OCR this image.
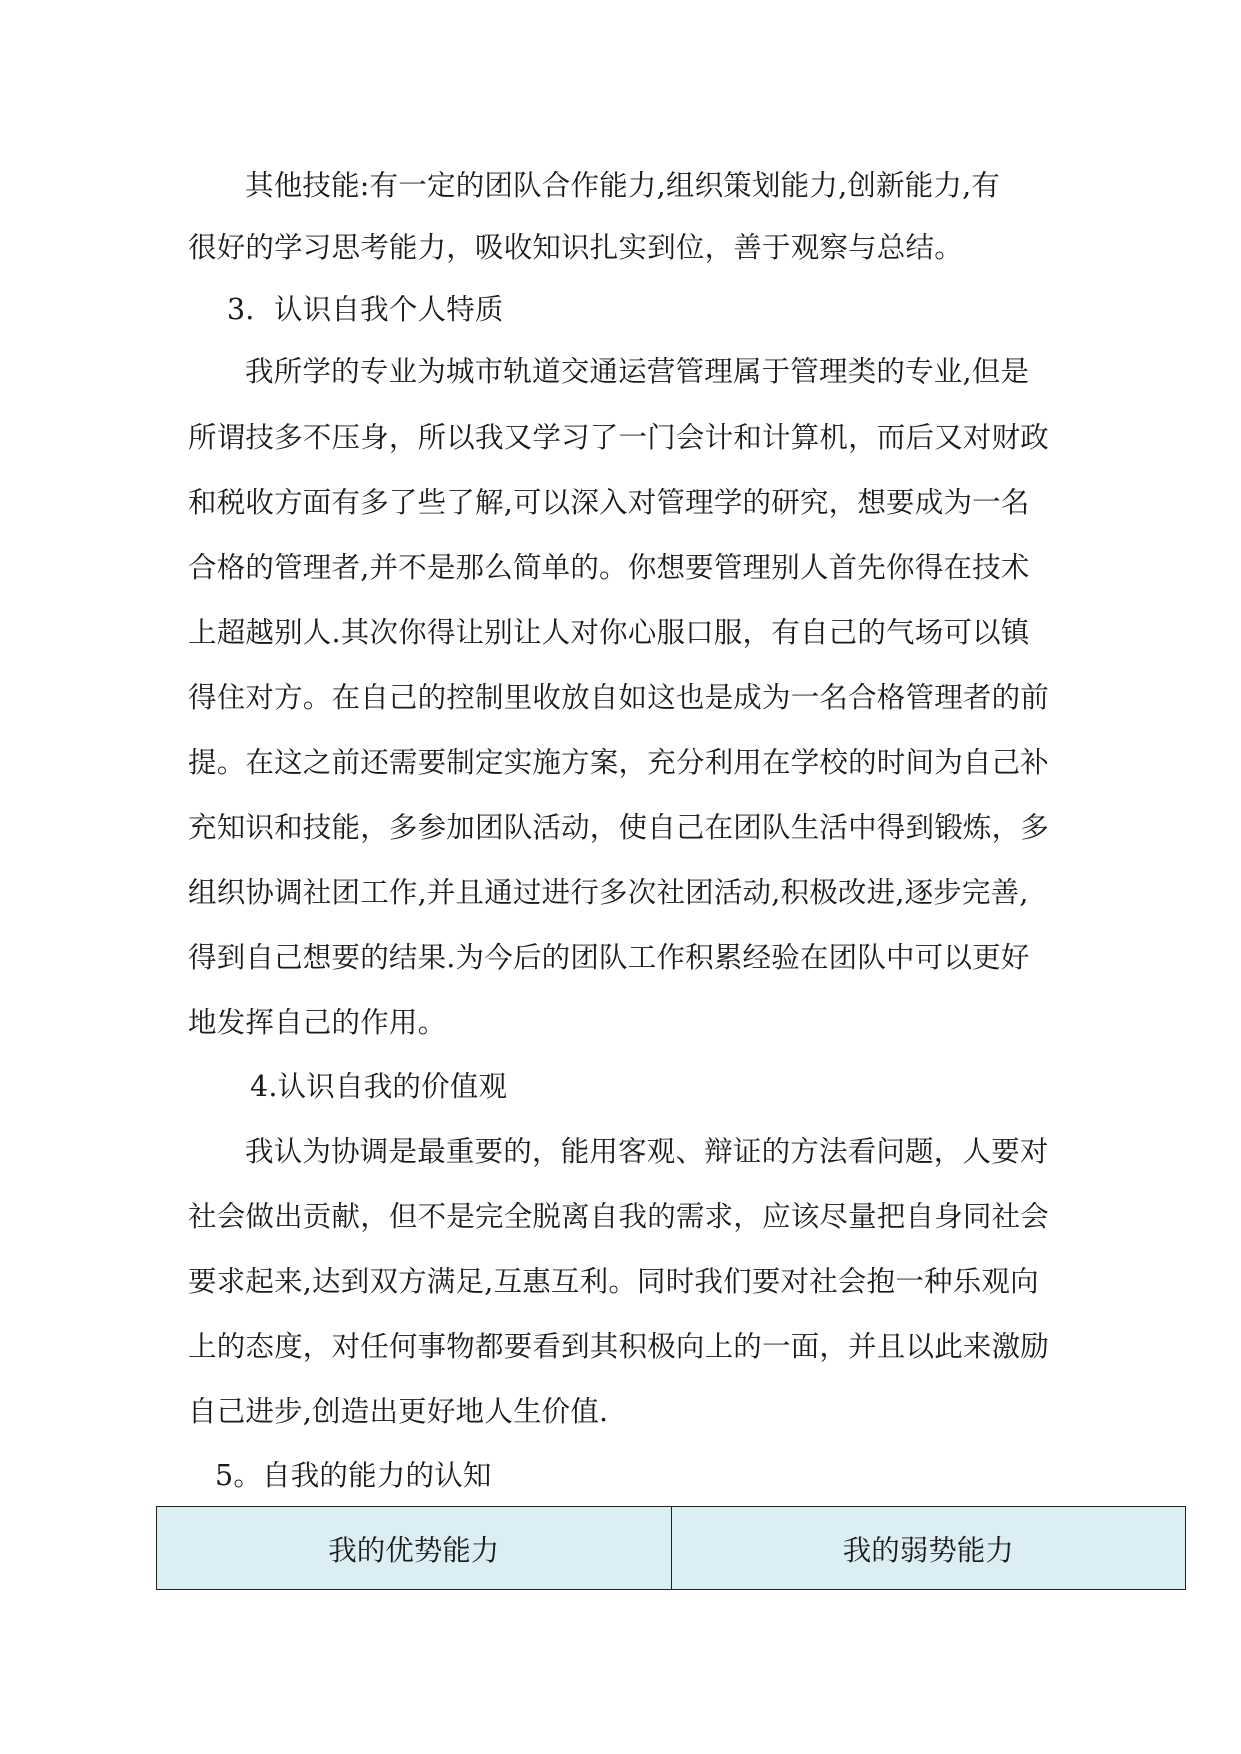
其他技能:有一定的团队合作能力,组织策划能力,创新能力,有
很好的学习思考能力，吸收知识扎实到位，善于观察与总结。
3．认识自我个人特质
我所学的专业为城市轨道交通运营管理属于管理类的专业,但是
所谓技多不压身，所以我又学习了一门会计和计算机，而后又对财政
和税收方面有多了些了解,可以深入对管理学的研究，想要成为一名
合格的管理者,并不是那么简单的。你想要管理别人首先你得在技术
上超越别人.其次你得让别让人对你心服口服，有自己的气场可以镇
得住对方。在自己的控制里收放自如这也是成为一名合格管理者的前
提。在这之前还需要制定实施方案，充分利用在学校的时间为自己补
充知识和技能，多参加团队活动，使自己在团队生活中得到锻炼，多
组织协调社团工作,并且通过进行多次社团活动,积极改进,逐步完善,
得到自己想要的结果.为今后的团队工作积累经验在团队中可以更好
地发挥自己的作用。
4.认识自我的价值观
我认为协调是最重要的，能用客观、辩证的方法看问题，人要对
社会做出贡献，但不是完全脱离自我的需求，应该尽量把自身同社会
要求起来,达到双方满足,互惠互利。同时我们要对社会抱一种乐观向
上的态度，对任何事物都要看到其积极向上的一面，并且以此来激励
自己进步,创造出更好地人生价值.
5。自我的能力的认知
我的优势能力	我的弱势能力
